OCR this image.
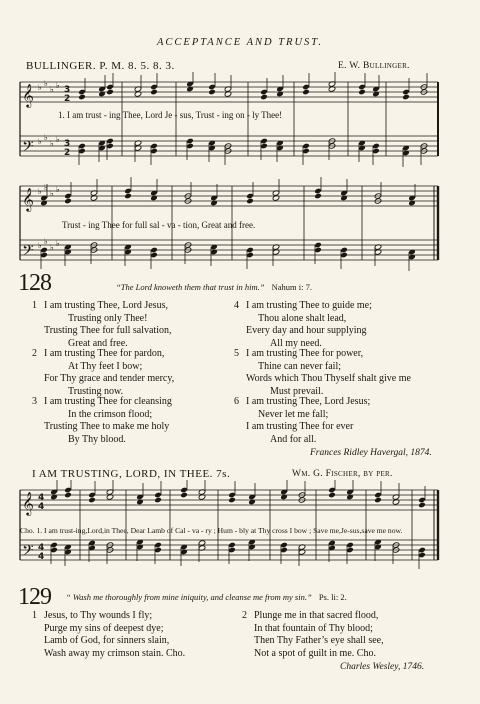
ACCEPTANCE AND TRUST.
BULLINGER. P. M. 8. 5. 8. 3.	E. W. Bullinger.
𝄞
𝄢
♭ ♭
♭ ♭
♭ ♭
♭ ♭
3
2
3
2
1. I am trust - ing Thee, Lord Je - sus, Trust - ing on - ly Thee!
𝄞
𝄢
♭ ♭
♭ ♭
♭ ♭
♭ ♭
Trust - ing Thee for full sal - va - tion, Great and free.
128	“The Lord knoweth them that trust in him.” Nahum i: 7.
1 I am trusting Thee, Lord Jesus,
Trusting only Thee!
Trusting Thee for full salvation,
Great and free.
2 I am trusting Thee for pardon,
At Thy feet I bow;
For Thy grace and tender mercy,
Trusting now.
3 I am trusting Thee for cleansing
In the crimson flood;
Trusting Thee to make me holy
By Thy blood.
4 I am trusting Thee to guide me;
Thou alone shalt lead,
Every day and hour supplying
All my need.
5 I am trusting Thee for power,
Thine can never fail;
Words which Thou Thyself shalt give me
Must prevail.
6 I am trusting Thee, Lord Jesus;
Never let me fall;
I am trusting Thee for ever
And for all.
Frances Ridley Havergal, 1874.
I AM TRUSTING, LORD, IN THEE. 7s.	Wm. G. Fischer, by per.
𝄞
𝄢
4
4
4
4
Cho. 1. I am trust-ing,Lord,in Thee, Dear Lamb of Cal - va - ry ; Hum - bly at Thy cross I bow ; Save me,Je-sus,save me now.
129 “ Wash me thoroughly from mine iniquity, and cleanse me from my sin.” Ps. li: 2.
1 Jesus, to Thy wounds I fly;
Purge my sins of deepest dye;
Lamb of God, for sinners slain,
Wash away my crimson stain. Cho.
2 Plunge me in that sacred flood,
In that fountain of Thy blood;
Then Thy Father’s eye shall see,
Not a spot of guilt in me. Cho.
Charles Wesley, 1746.
